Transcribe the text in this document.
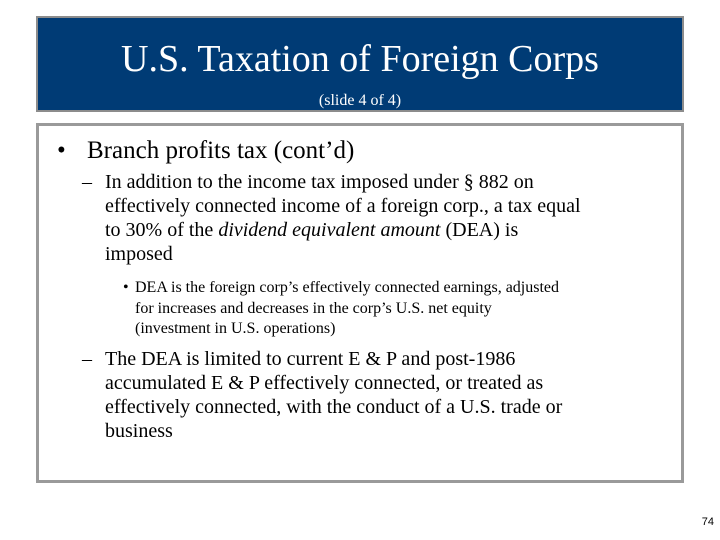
U.S. Taxation of Foreign Corps
(slide 4 of 4)
• Branch profits tax (cont’d)
– In addition to the income tax imposed under § 882 on
effectively connected income of a foreign corp., a tax equal
to 30% of the dividend equivalent amount (DEA) is
imposed
• DEA is the foreign corp’s effectively connected earnings, adjusted
for increases and decreases in the corp’s U.S. net equity
(investment in U.S. operations)
– The DEA is limited to current E & P and post-1986
accumulated E & P effectively connected, or treated as
effectively connected, with the conduct of a U.S. trade or
business
74
